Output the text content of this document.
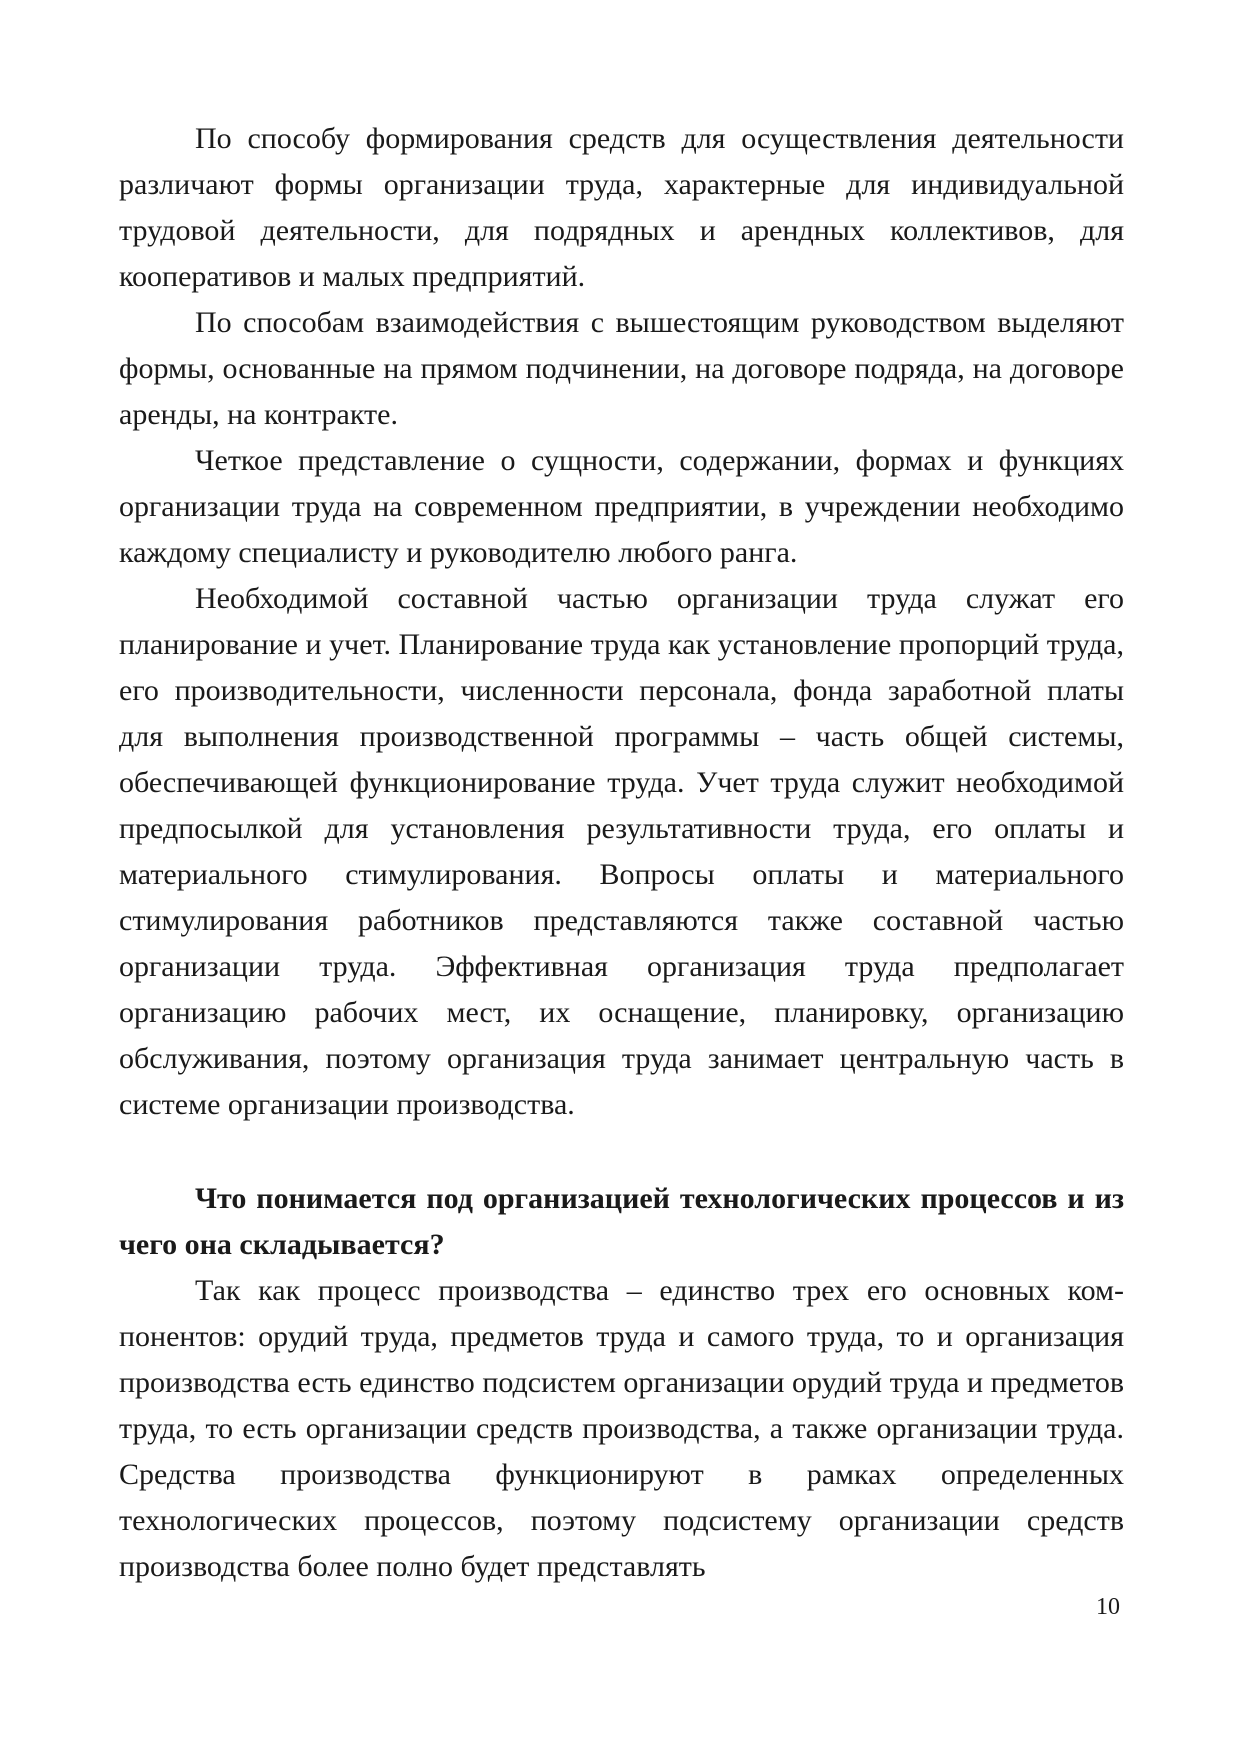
По способу формирования средств для осуществления деятельности различают формы организации труда, характерные для индивидуальной трудовой деятельности, для подрядных и арендных коллективов, для кооперативов и малых предприятий.

По способам взаимодействия с вышестоящим руководством выделяют формы, основанные на прямом подчинении, на договоре подряда, на договоре аренды, на контракте.

Четкое представление о сущности, содержании, формах и функциях организации труда на современном предприятии, в учреждении необходимо каждому специалисту и руководителю любого ранга.

Необходимой составной частью организации труда служат его планирование и учет. Планирование труда как установление пропорций труда, его производительности, численности персонала, фонда заработной платы для выполнения производственной программы – часть общей системы, обеспечивающей функционирование труда. Учет труда служит необходимой предпосылкой для установления результативности труда, его оплаты и материального стимулирования. Вопросы оплаты и материального стимулирования работников представляются также составной частью организации труда. Эффективная организация труда предполагает организацию рабочих мест, их оснащение, планировку, организацию обслуживания, поэтому организация труда занимает центральную часть в системе организации производства.

Что понимается под организацией технологических процессов и из чего она складывается?

Так как процесс производства – единство трех его основных компонентов: орудий труда, предметов труда и самого труда, то и организация производства есть единство подсистем организации орудий труда и предметов труда, то есть организации средств производства, а также организации труда. Средства производства функционируют в рамках определенных технологических процессов, поэтому подсистему организации средств производства более полно будет представлять

10
